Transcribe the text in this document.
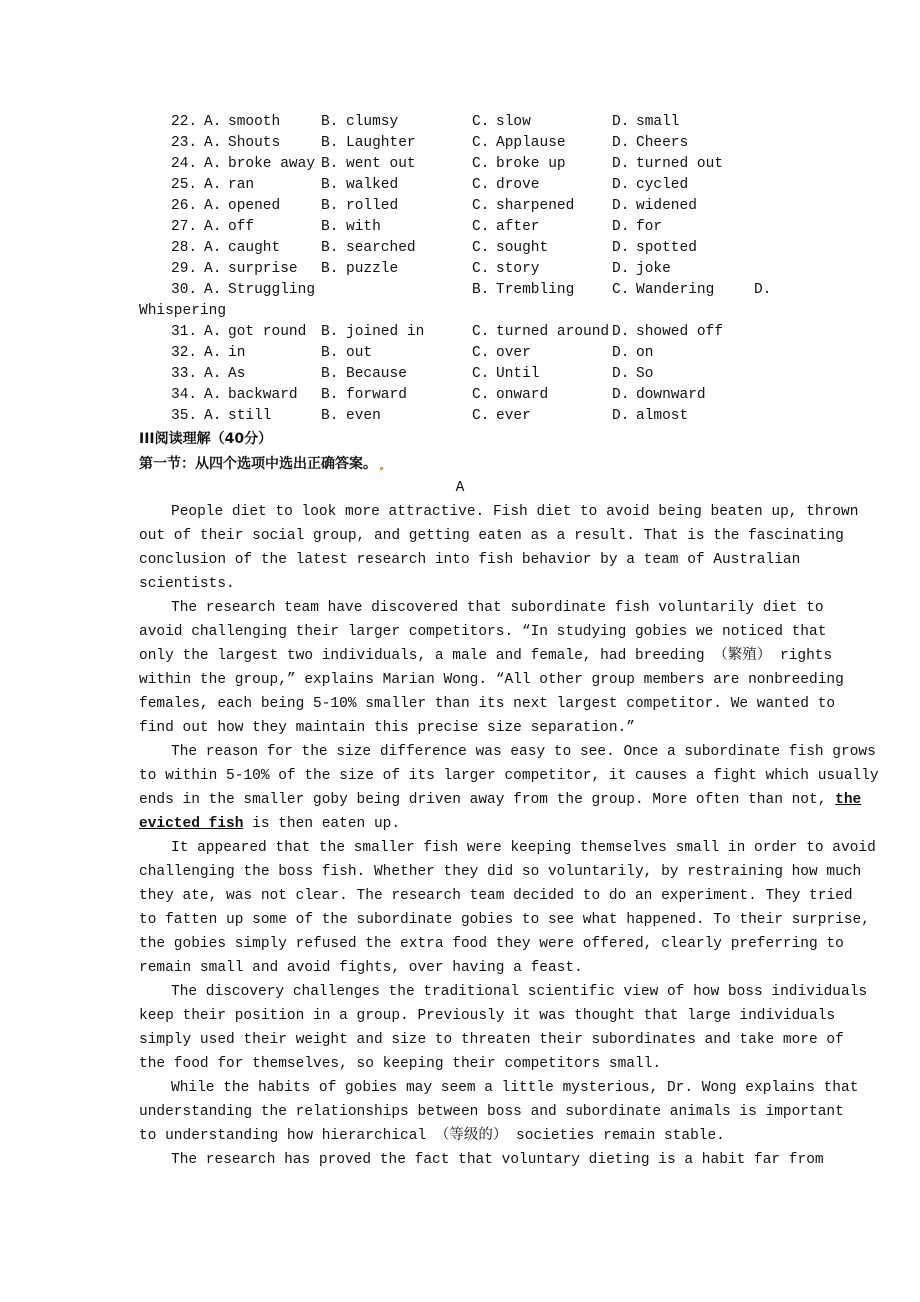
22. A. smooth	B. clumsy	C. slow	D. small
23. A. Shouts	B. Laughter	C. Applause	D. Cheers
24. A. broke away B. went out	C. broke up	D. turned out
25. A. ran	B. walked	C. drove	D. cycled
26. A. opened	B. rolled	C. sharpened	D. widened
27. A. off	B. with	C. after	D. for
28. A. caught	B. searched	C. sought	D. spotted
29. A. surprise B. puzzle	C. story	D. joke
30. A. Struggling	B. Trembling	C. Wandering	D.
Whispering
31. A. got round B. joined in	C. turned around D. showed off
32. A. in	B. out	C. over	D. on
33. A. As	B. Because	C. Until	D. So
34. A. backward B. forward	C. onward	D. downward
35. A. still	B. even	C. ever	D. almost
III阅读理解（40分）
第一节：从四个选项中选出正确答案。
A
People diet to look more attractive. Fish diet to avoid being beaten up, thrown
out of their social group, and getting eaten as a result. That is the fascinating
conclusion of the latest research into fish behavior by a team of Australian
scientists.
The research team have discovered that subordinate fish voluntarily diet to
avoid challenging their larger competitors. “In studying gobies we noticed that
only the largest two individuals, a male and female, had breeding （繁殖） rights
within the group,” explains Marian Wong. “All other group members are nonbreeding
females, each being 5-10% smaller than its next largest competitor. We wanted to
find out how they maintain this precise size separation.”
The reason for the size difference was easy to see. Once a subordinate fish grows
to within 5-10% of the size of its larger competitor, it causes a fight which usually
ends in the smaller goby being driven away from the group. More often than not, the
evicted fish is then eaten up.
It appeared that the smaller fish were keeping themselves small in order to avoid
challenging the boss fish. Whether they did so voluntarily, by restraining how much
they ate, was not clear. The research team decided to do an experiment. They tried
to fatten up some of the subordinate gobies to see what happened. To their surprise,
the gobies simply refused the extra food they were offered, clearly preferring to
remain small and avoid fights, over having a feast.
The discovery challenges the traditional scientific view of how boss individuals
keep their position in a group. Previously it was thought that large individuals
simply used their weight and size to threaten their subordinates and take more of
the food for themselves, so keeping their competitors small.
While the habits of gobies may seem a little mysterious, Dr. Wong explains that
understanding the relationships between boss and subordinate animals is important
to understanding how hierarchical （等级的） societies remain stable.
The research has proved the fact that voluntary dieting is a habit far from
